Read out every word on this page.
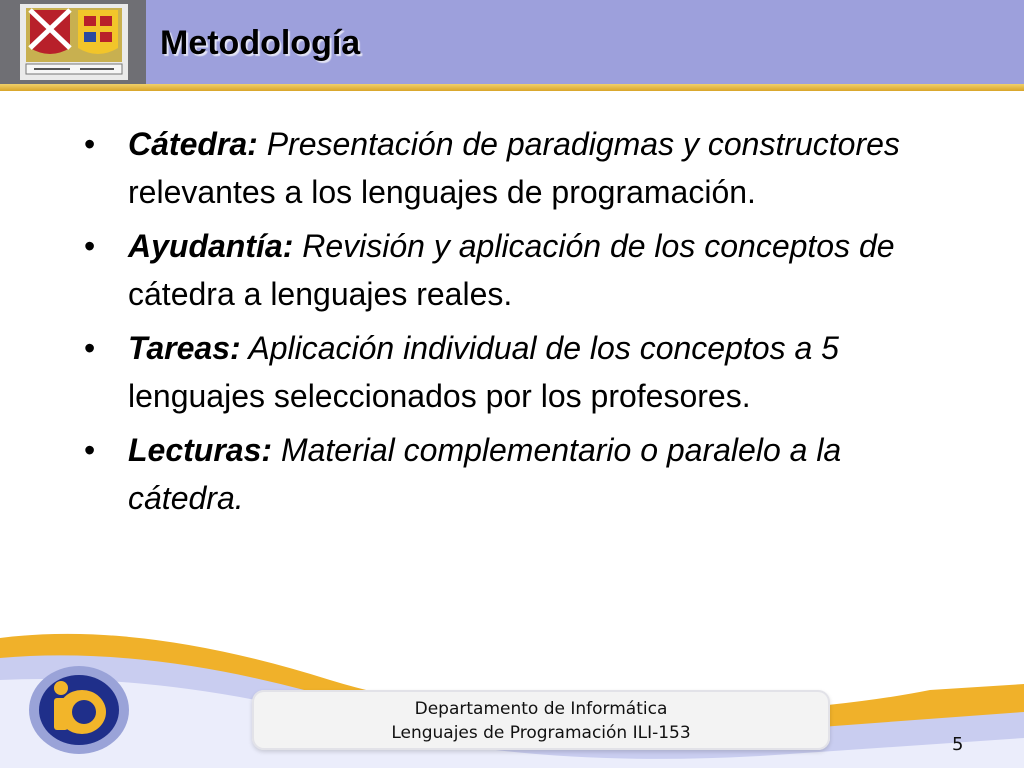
Metodología
• Cátedra: Presentación de paradigmas y constructores relevantes a los lenguajes de programación.
• Ayudantía: Revisión y aplicación de los conceptos de cátedra a lenguajes reales.
• Tareas: Aplicación individual de los conceptos a 5 lenguajes seleccionados por los profesores.
• Lecturas: Material complementario o paralelo a la cátedra.
Departamento de Informática
Lenguajes de Programación ILI-153
5
